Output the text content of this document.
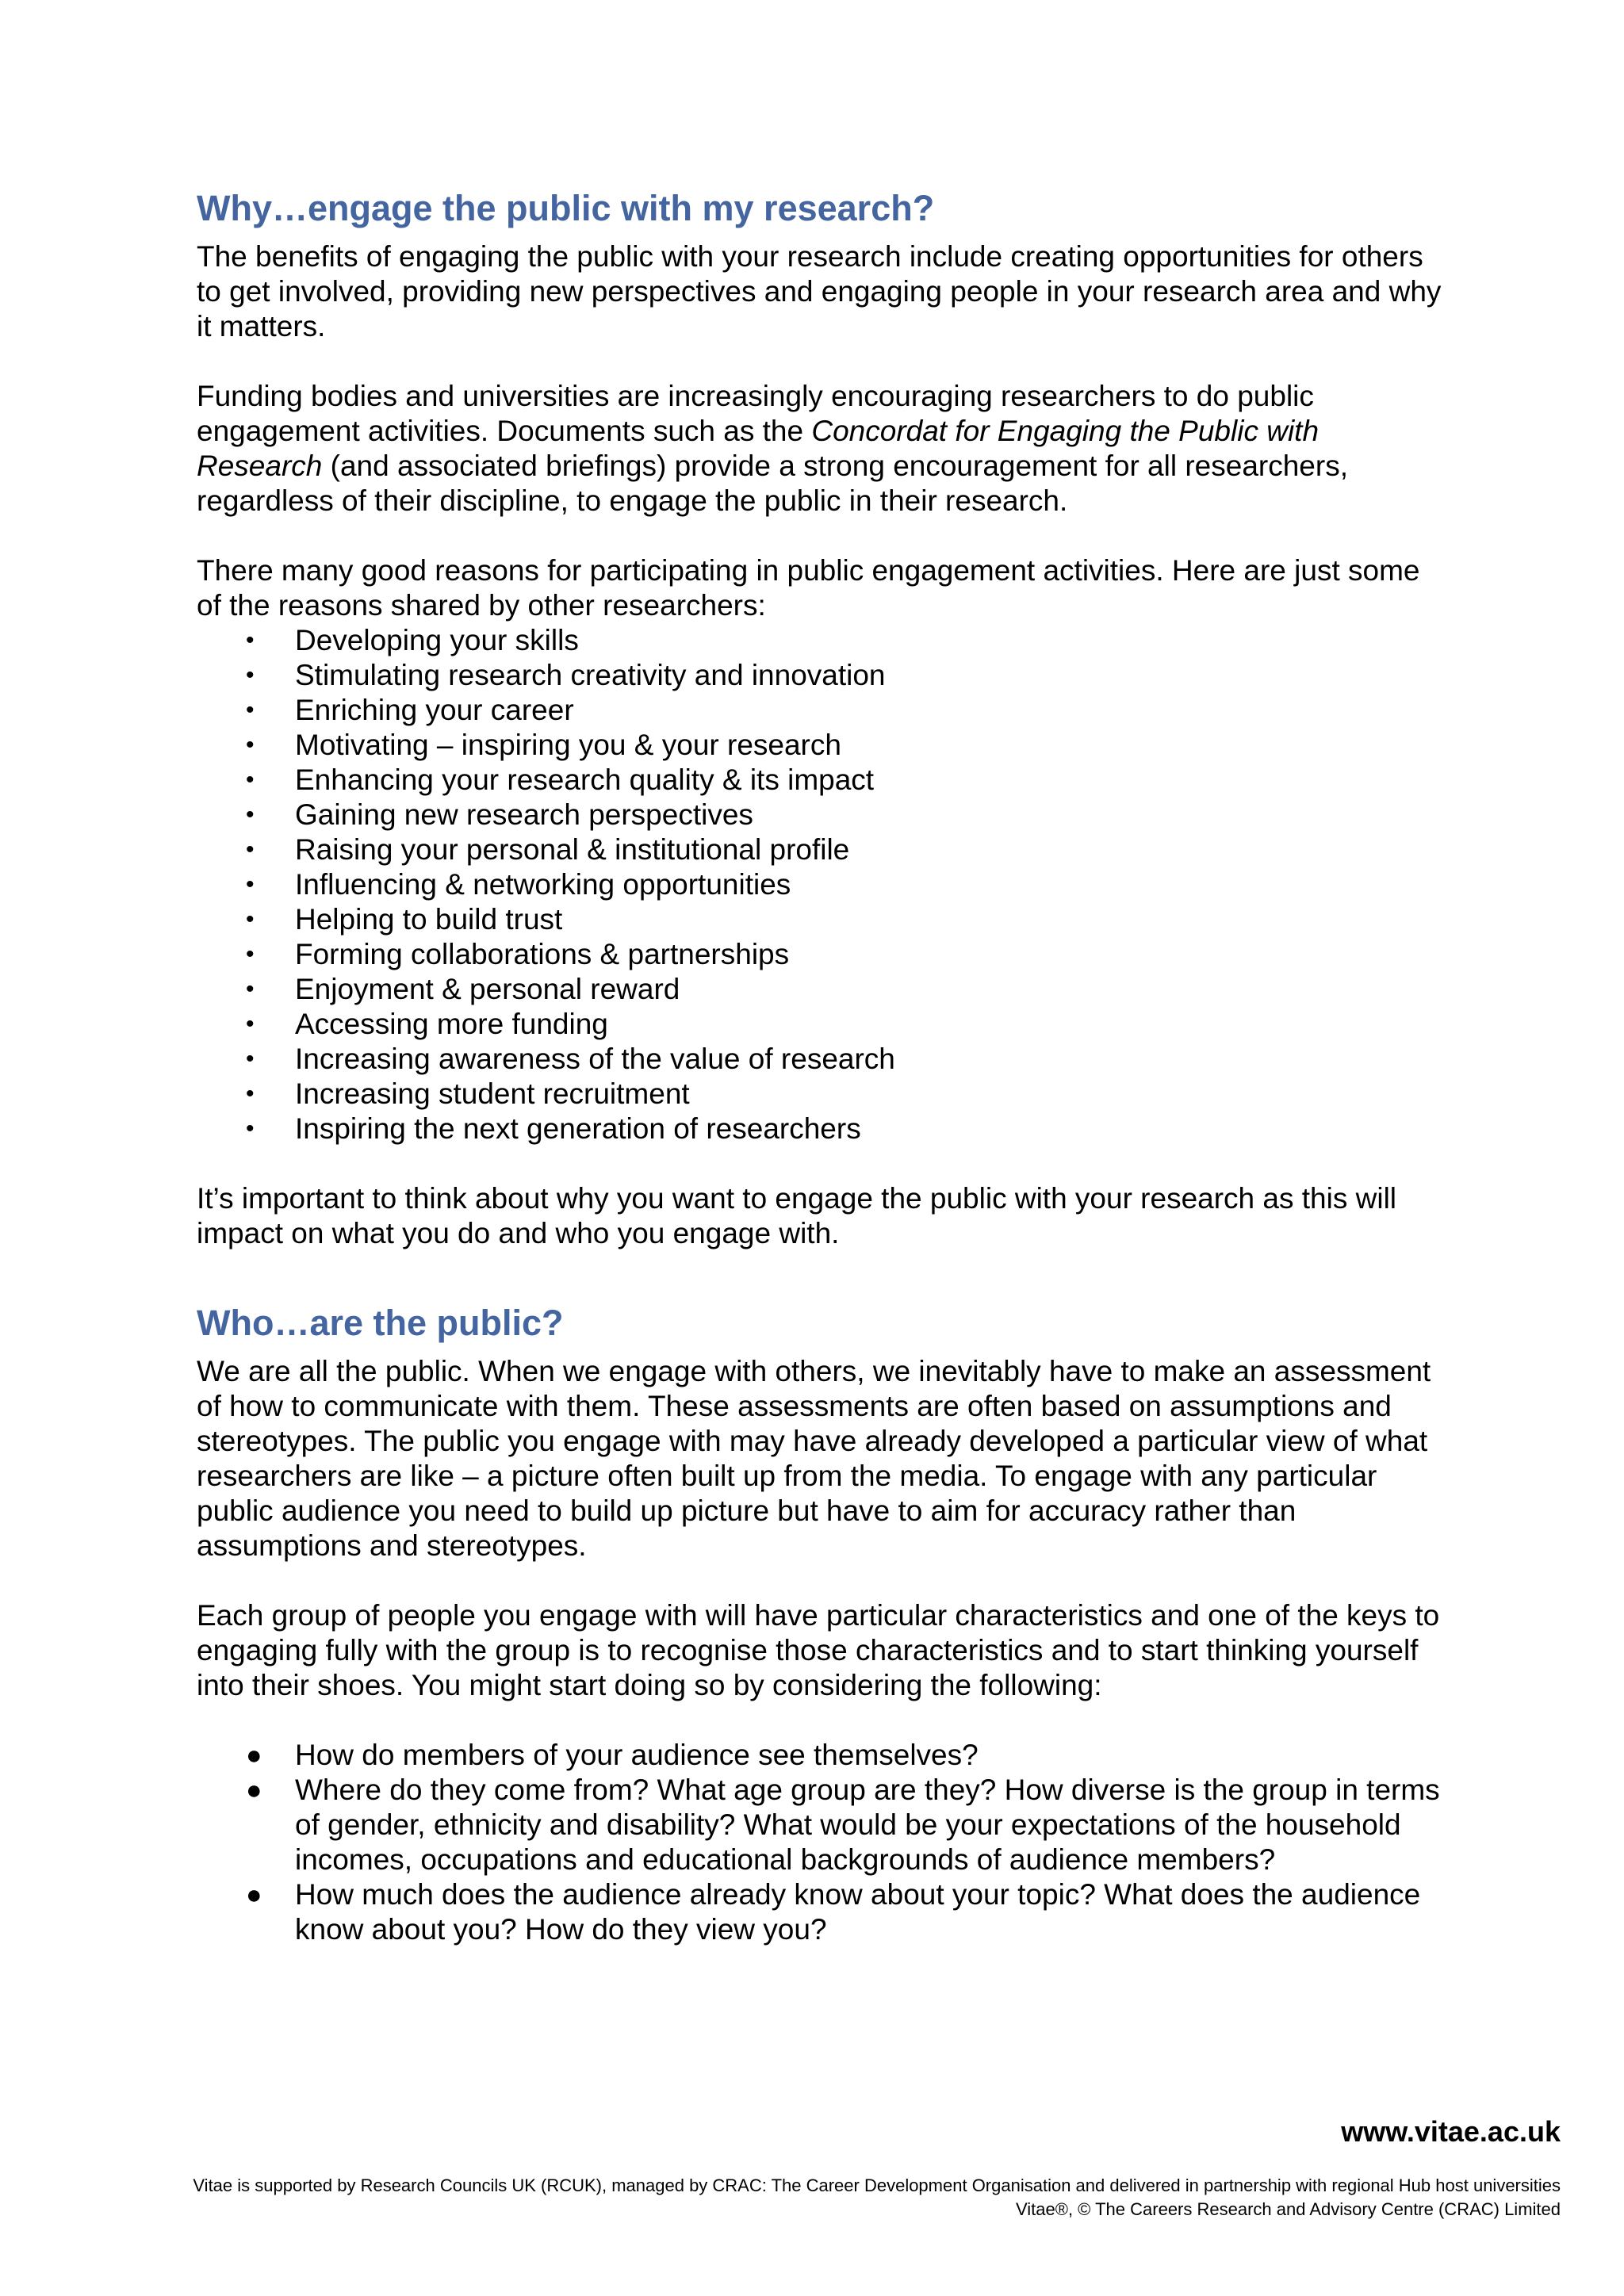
Why…engage the public with my research?

The benefits of engaging the public with your research include creating opportunities for others to get involved, providing new perspectives and engaging people in your research area and why it matters.

Funding bodies and universities are increasingly encouraging researchers to do public engagement activities. Documents such as the Concordat for Engaging the Public with Research (and associated briefings) provide a strong encouragement for all researchers, regardless of their discipline, to engage the public in their research.

There many good reasons for participating in public engagement activities. Here are just some of the reasons shared by other researchers:

• Developing your skills
• Stimulating research creativity and innovation
• Enriching your career
• Motivating – inspiring you & your research
• Enhancing your research quality & its impact
• Gaining new research perspectives
• Raising your personal & institutional profile
• Influencing & networking opportunities
• Helping to build trust
• Forming collaborations & partnerships
• Enjoyment & personal reward
• Accessing more funding
• Increasing awareness of the value of research
• Increasing student recruitment
• Inspiring the next generation of researchers

It’s important to think about why you want to engage the public with your research as this will impact on what you do and who you engage with.

Who…are the public?

We are all the public. When we engage with others, we inevitably have to make an assessment of how to communicate with them. These assessments are often based on assumptions and stereotypes. The public you engage with may have already developed a particular view of what researchers are like – a picture often built up from the media. To engage with any particular public audience you need to build up picture but have to aim for accuracy rather than assumptions and stereotypes.

Each group of people you engage with will have particular characteristics and one of the keys to engaging fully with the group is to recognise those characteristics and to start thinking yourself into their shoes. You might start doing so by considering the following:

● How do members of your audience see themselves?
● Where do they come from? What age group are they? How diverse is the group in terms of gender, ethnicity and disability? What would be your expectations of the household incomes, occupations and educational backgrounds of audience members?
● How much does the audience already know about your topic? What does the audience know about you? How do they view you?
www.vitae.ac.uk
Vitae is supported by Research Councils UK (RCUK), managed by CRAC: The Career Development Organisation and delivered in partnership with regional Hub host universities
Vitae®, © The Careers Research and Advisory Centre (CRAC) Limited
